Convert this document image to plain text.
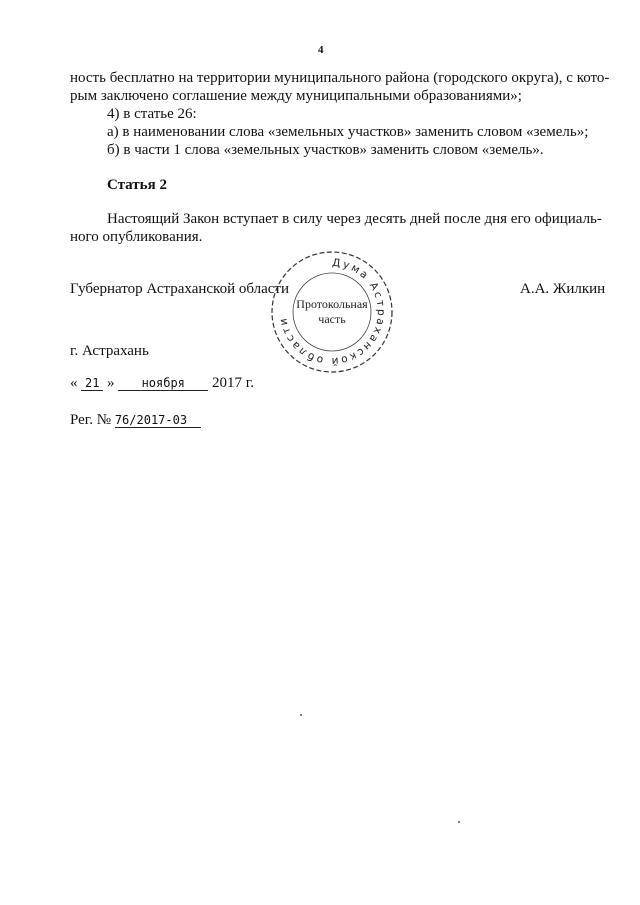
4
ность бесплатно на территории муниципального района (городского округа), с кото-
рым заключено соглашение между муниципальными образованиями»;
4) в статье 26:
а) в наименовании слова «земельных участков» заменить словом «земель»;
б) в части 1 слова «земельных участков» заменить словом «земель».
Статья 2
Настоящий Закон вступает в силу через десять дней после дня его официаль-
ного опубликования.
Губернатор Астраханской области	А.А. Жилкин
Дума Астраханской области
Протокольная
часть
г. Астрахань
« 21 » ноября 2017 г.
Рег. № 76/2017-03
